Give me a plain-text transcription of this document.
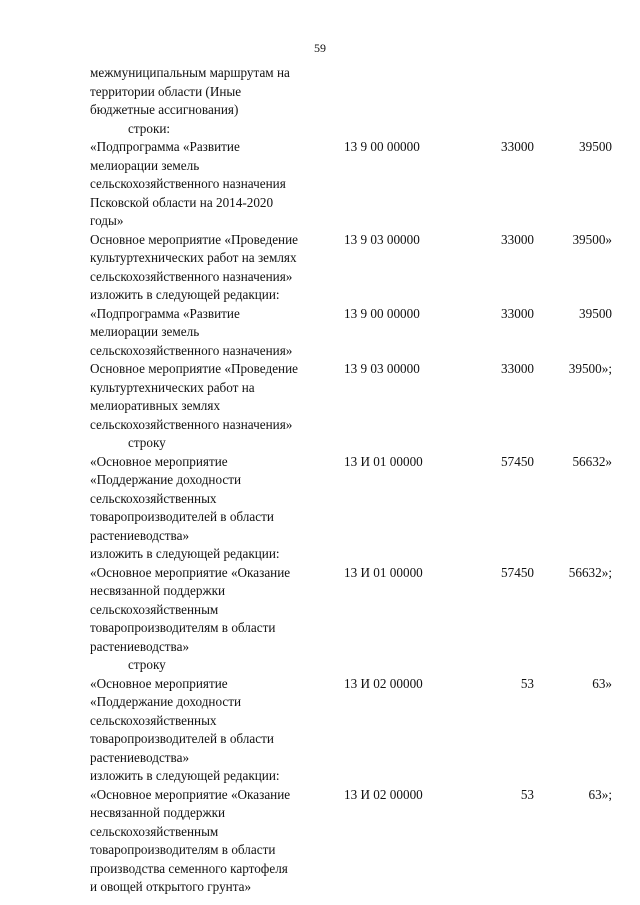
59
межмуниципальным маршрутам на
территории области (Иные
бюджетные ассигнования)
строки:
«Подпрограмма «Развитие
мелиорации земель
сельскохозяйственного назначения
Псковской области на 2014-2020
годы»
13 9 00 00000	33000	39500
Основное мероприятие «Проведение
культуртехнических работ на землях
сельскохозяйственного назначения»
13 9 03 00000	33000	39500»
изложить в следующей редакции:
«Подпрограмма «Развитие
мелиорации земель
сельскохозяйственного назначения»
13 9 00 00000	33000	39500
Основное мероприятие «Проведение
культуртехнических работ на
мелиоративных землях
сельскохозяйственного назначения»
13 9 03 00000	33000	39500»;
строку
«Основное мероприятие
«Поддержание доходности
сельскохозяйственных
товаропроизводителей в области
растениеводства»
13 И 01 00000	57450	56632»
изложить в следующей редакции:
«Основное мероприятие «Оказание
несвязанной поддержки
сельскохозяйственным
товаропроизводителям в области
растениеводства»
13 И 01 00000	57450	56632»;
строку
«Основное мероприятие
«Поддержание доходности
сельскохозяйственных
товаропроизводителей в области
растениеводства»
13 И 02 00000	53	63»
изложить в следующей редакции:
«Основное мероприятие «Оказание
несвязанной поддержки
сельскохозяйственным
товаропроизводителям в области
производства семенного картофеля
и овощей открытого грунта»
13 И 02 00000	53	63»;
